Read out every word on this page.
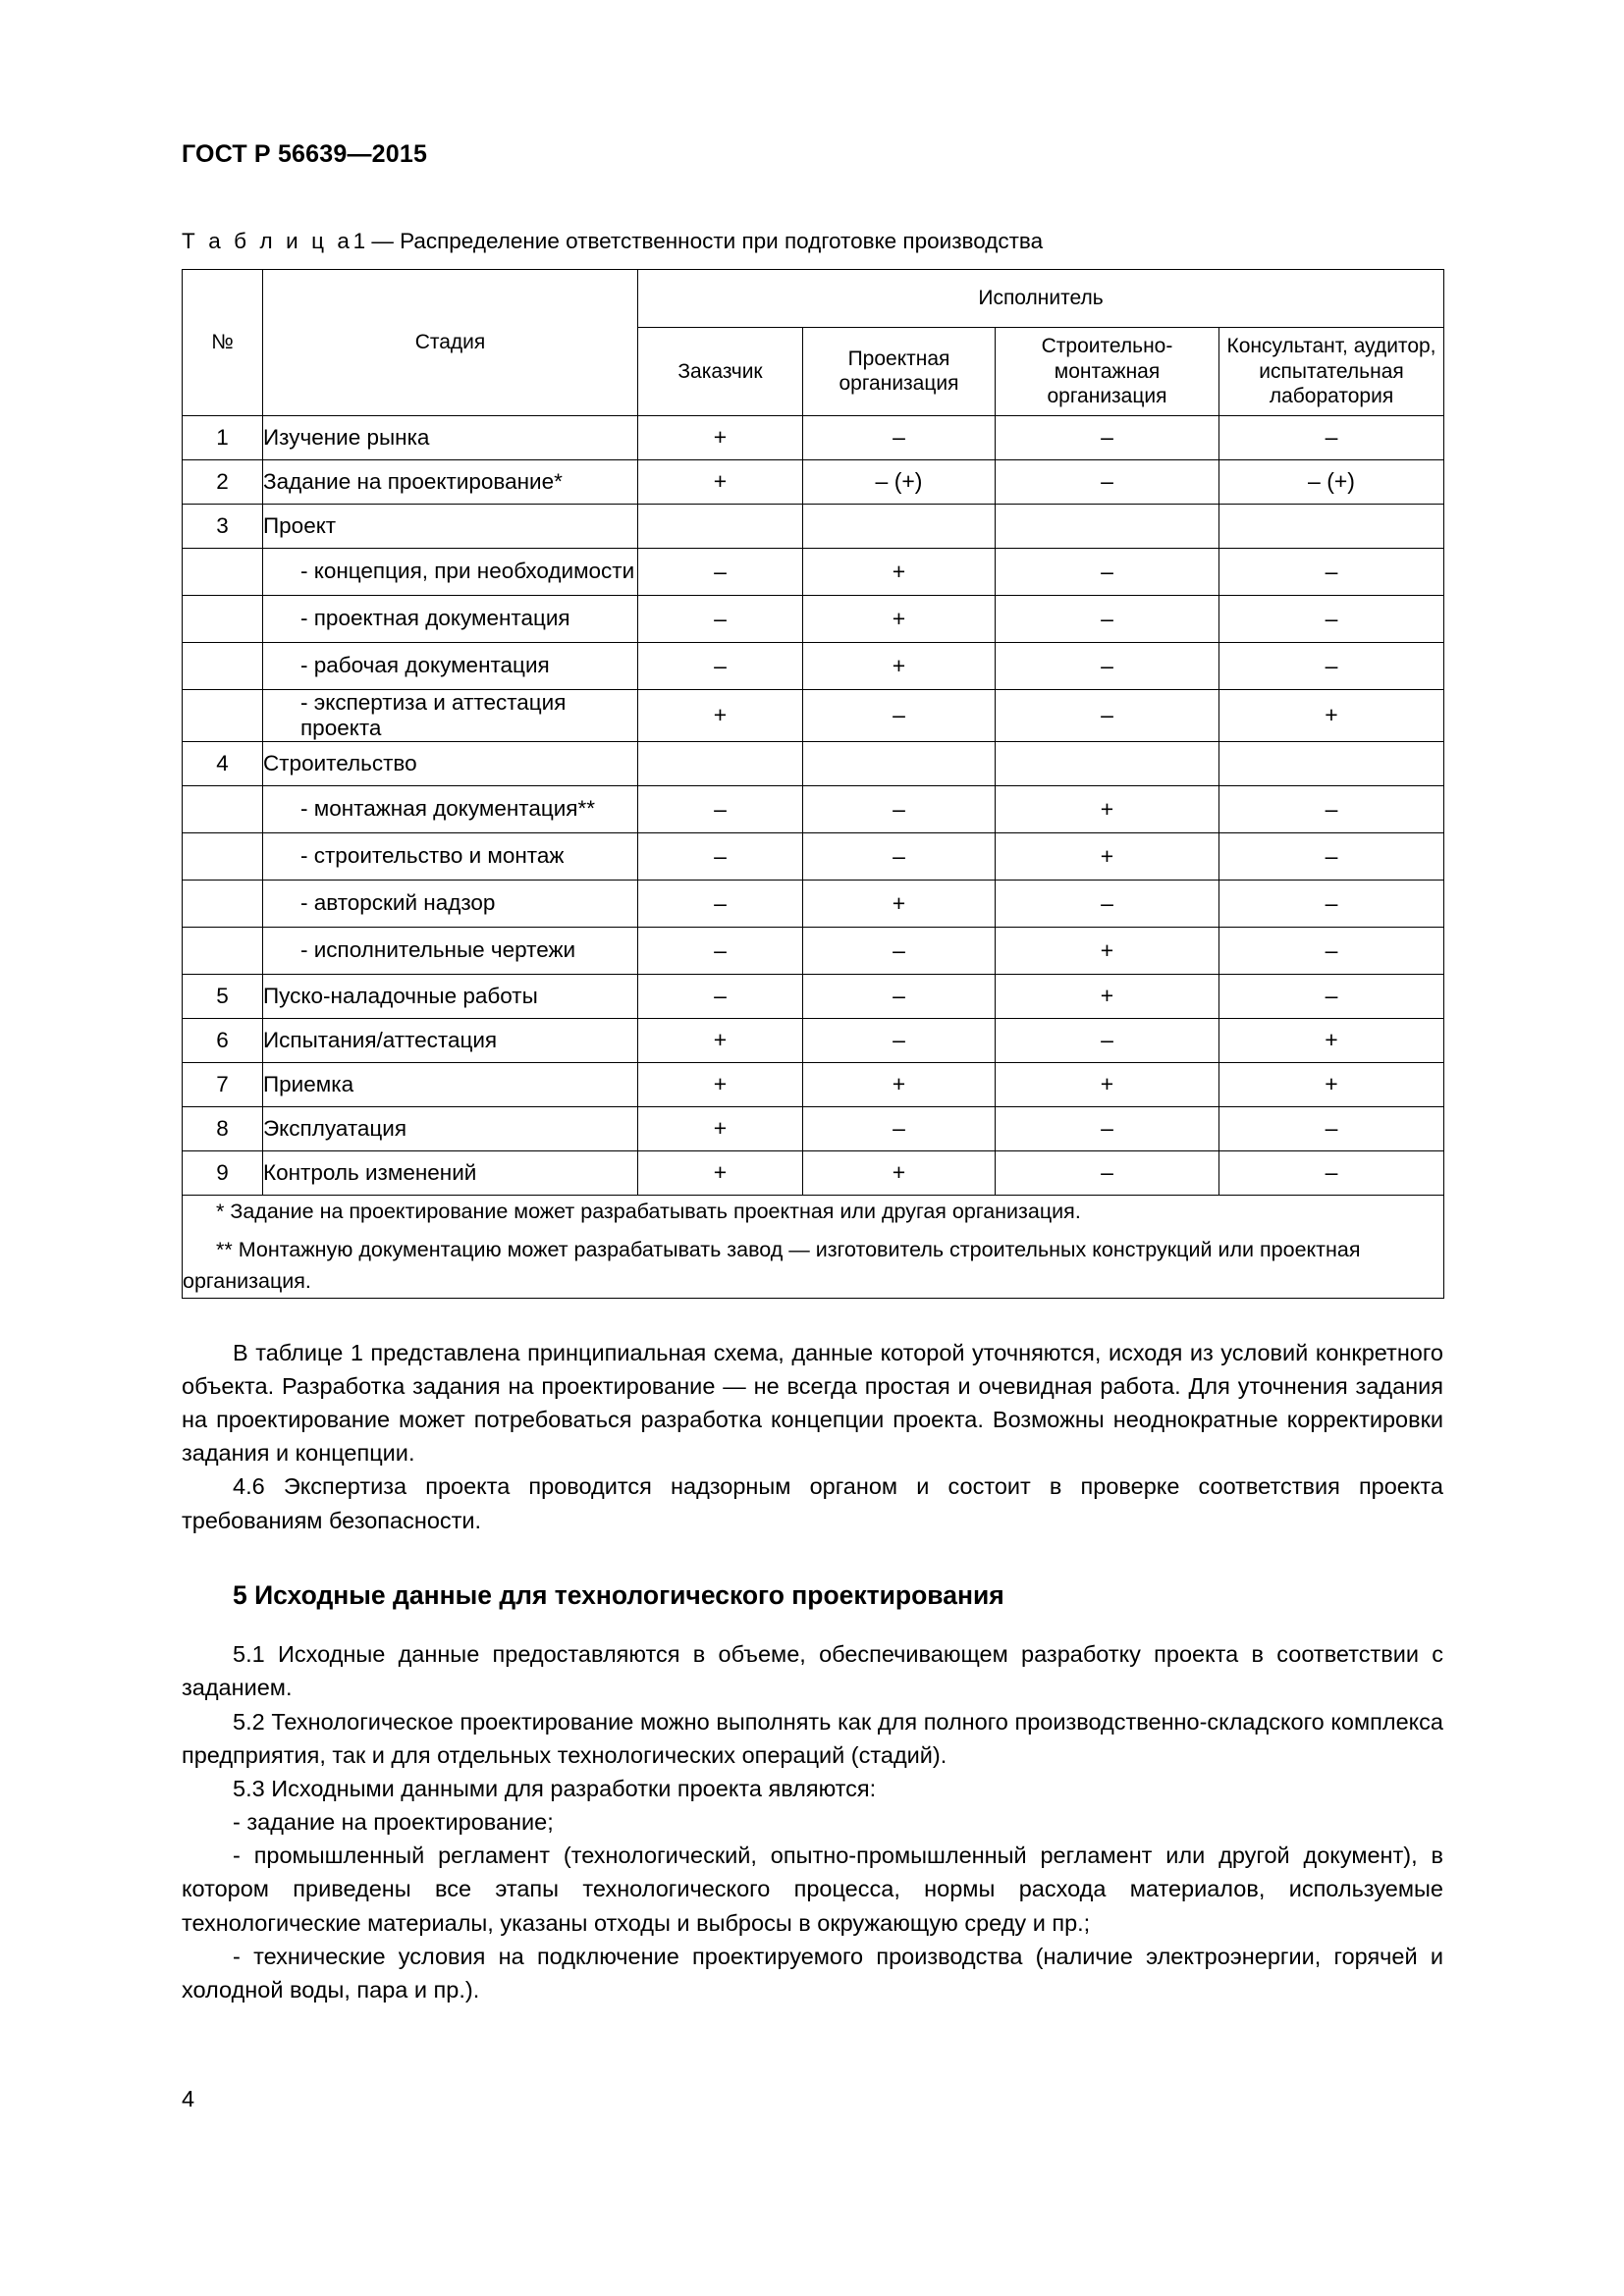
ГОСТ Р 56639—2015
Т а б л и ц а1 — Распределение ответственности при подготовке производства
№	Стадия	Исполнитель			
		Заказчик	Проектная организация	Строительно-монтажная организация	Консультант, аудитор, испытательная лаборатория
1	Изучение рынка	+	–	–	–
2	Задание на проектирование*	+	– (+)	–	– (+)
3	Проект				
	- концепция, при необходимости	–	+	–	–
	- проектная документация	–	+	–	–
	- рабочая документация	–	+	–	–
	- экспертиза и аттестация проекта	+	–	–	+
4	Строительство				
	- монтажная документация**	–	–	+	–
	- строительство и монтаж	–	–	+	–
	- авторский надзор	–	+	–	–
	- исполнительные чертежи	–	–	+	–
5	Пуско-наладочные работы	–	–	+	–
6	Испытания/аттестация	+	–	–	+
7	Приемка	+	+	+	+
8	Эксплуатация	+	–	–	–
9	Контроль изменений	+	+	–	–

* Задание на проектирование может разрабатывать проектная или другая организация.

** Монтажную документацию может разрабатывать завод — изготовитель строительных конструкций или проектная организация.					

В таблице 1 представлена принципиальная схема, данные которой уточняются, исходя из условий конкретного объекта. Разработка задания на проектирование — не всегда простая и очевидная работа. Для уточнения задания на проектирование может потребоваться разработка концепции проекта. Возможны неоднократные корректировки задания и концепции.

4.6 Экспертиза проекта проводится надзорным органом и состоит в проверке соответствия проекта требованиям безопасности.

5 Исходные данные для технологического проектирования

5.1 Исходные данные предоставляются в объеме, обеспечивающем разработку проекта в соответствии с заданием.

5.2 Технологическое проектирование можно выполнять как для полного производственно-складского комплекса предприятия, так и для отдельных технологических операций (стадий).

5.3 Исходными данными для разработки проекта являются:

- задание на проектирование;

- промышленный регламент (технологический, опытно-промышленный регламент или другой документ), в котором приведены все этапы технологического процесса, нормы расхода материалов, используемые технологические материалы, указаны отходы и выбросы в окружающую среду и пр.;

- технические условия на подключение проектируемого производства (наличие электроэнергии, горячей и холодной воды, пара и пр.).

4
